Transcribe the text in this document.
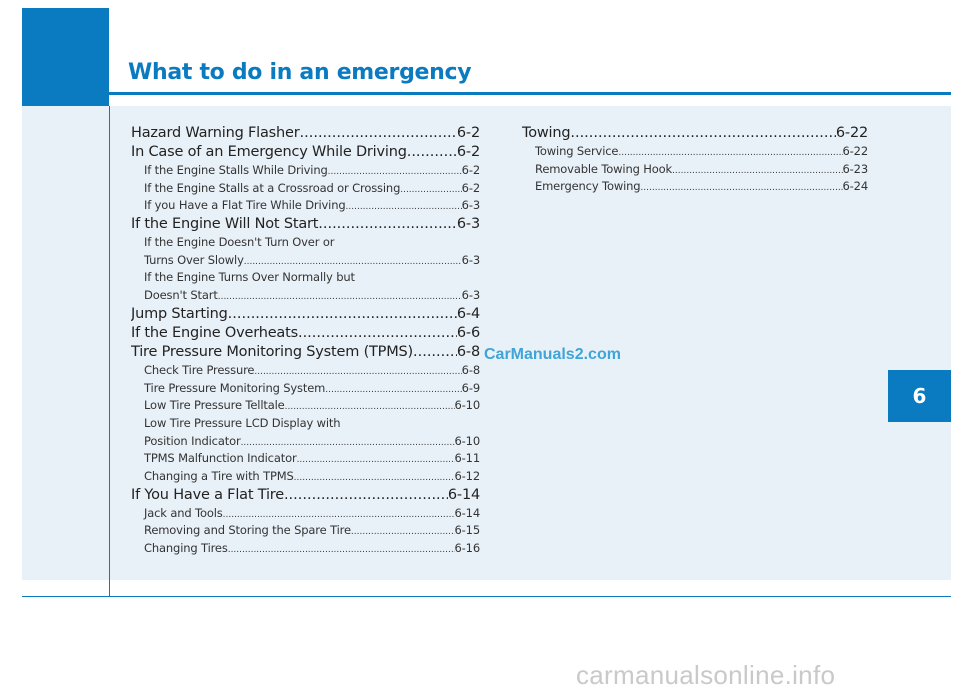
What to do in an emergency
6
Hazard Warning Flasher .....	6-2
In Case of an Emergency While Driving .....	6-2
If the Engine Stalls While Driving .....	6-2
If the Engine Stalls at a Crossroad or Crossing .....	6-2
If you Have a Flat Tire While Driving .....	6-3
If the Engine Will Not Start .....	6-3
If the Engine Doesn't Turn Over or
Turns Over Slowly .....	6-3
If the Engine Turns Over Normally but
Doesn't Start .....	6-3
Jump Starting .....	6-4
If the Engine Overheats .....	6-6
Tire Pressure Monitoring System (TPMS) .....	6-8
Check Tire Pressure .....	6-8
Tire Pressure Monitoring System .....	6-9
Low Tire Pressure Telltale .....	6-10
Low Tire Pressure LCD Display with
Position Indicator .....	6-10
TPMS Malfunction Indicator .....	6-11
Changing a Tire with TPMS .....	6-12
If You Have a Flat Tire .....	6-14
Jack and Tools .....	6-14
Removing and Storing the Spare Tire .....	6-15
Changing Tires .....	6-16
Towing .....	6-22
Towing Service .....	6-22
Removable Towing Hook .....	6-23
Emergency Towing .....	6-24
CarManuals2.com
carmanualsonline.info
